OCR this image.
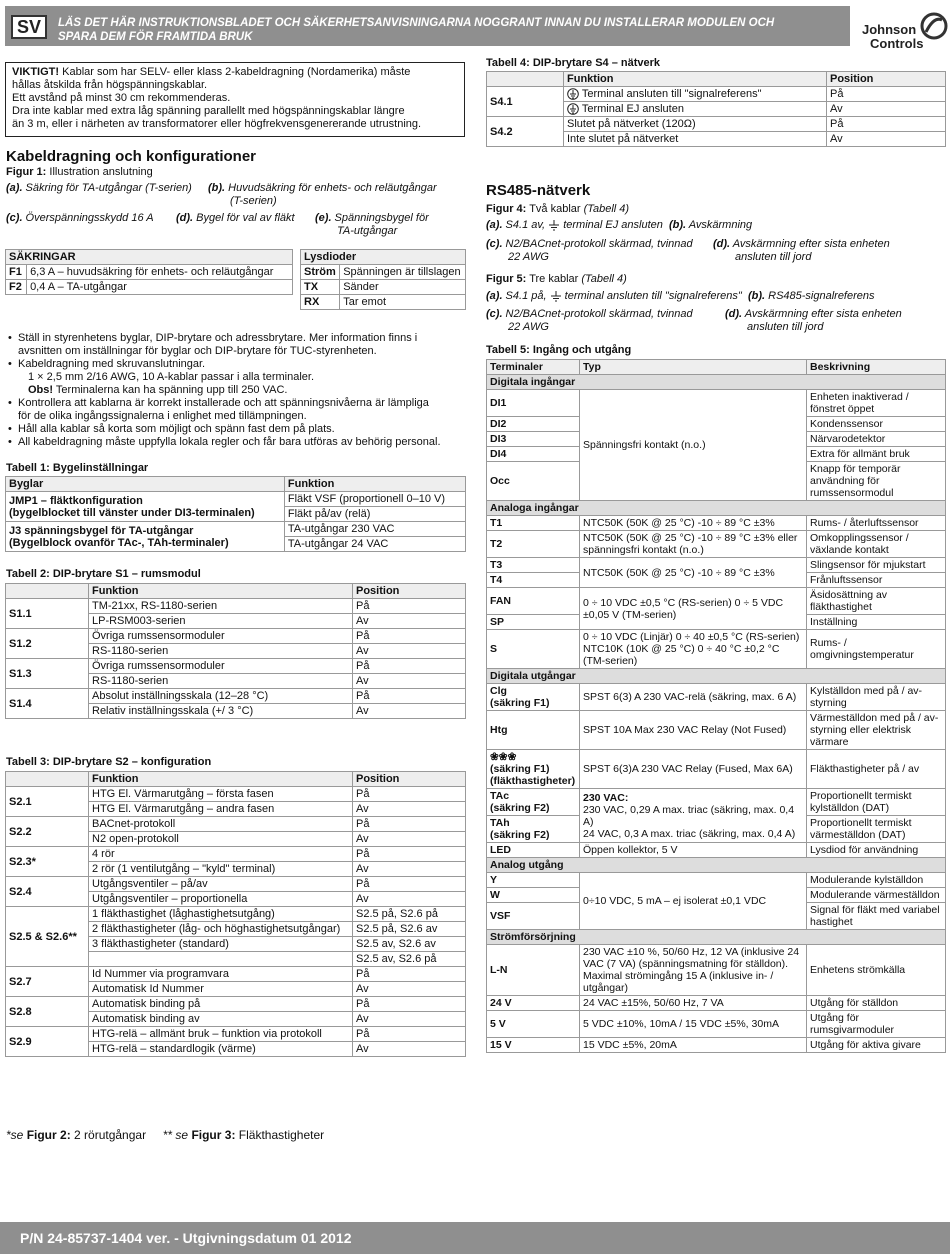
SV	LÄS DET HÄR INSTRUKTIONSBLADET OCH SÄKERHETSANVISNINGARNA NOGGRANT INNAN DU INSTALLERAR MODULEN OCH
SPARA DEM FÖR FRAMTIDA BRUK	Johnson
Controls
VIKTIGT! Kablar som har SELV- eller klass 2-kabeldragning (Nordamerika) måste
hållas åtskilda från högspänningskablar.
Ett avstånd på minst 30 cm rekommenderas.
Dra inte kablar med extra låg spänning parallellt med högspänningskablar längre
än 3 m, eller i närheten av transformatorer eller högfrekvensgenererande utrustning.
Kabeldragning och konfigurationer
Figur 1: Illustration anslutning
(a). Säkring för TA-utgångar (T-serien) (b). Huvudsäkring för enhets- och reläutgångar
(T-serien)
(c). Överspänningsskydd 16 A (d). Bygel för val av fläkt (e). Spänningsbygel för
TA-utgångar
SÄKRINGAR	
F1	6,3 A – huvudsäkring för enhets- och reläutgångar
F2	0,4 A – TA-utgångar
Lysdioder	
Ström	Spänningen är tillslagen
TX	Sänder
RX	Tar emot
• Ställ in styrenhetens byglar, DIP-brytare och adressbrytare. Mer information finns i
avsnitten om inställningar för byglar och DIP-brytare för TUC-styrenheten.
• Kabeldragning med skruvanslutningar.
1 × 2,5 mm 2/16 AWG, 10 A-kablar passar i alla terminaler.
Obs! Terminalerna kan ha spänning upp till 250 VAC.
• Kontrollera att kablarna är korrekt installerade och att spänningsnivåerna är lämpliga
för de olika ingångssignalerna i enlighet med tillämpningen.
• Håll alla kablar så korta som möjligt och spänn fast dem på plats.
• All kabeldragning måste uppfylla lokala regler och får bara utföras av behörig personal.
Tabell 1: Bygelinställningar
Byglar	Funktion
JMP1 – fläktkonfiguration
(bygelblocket till vänster under DI3-terminalen)	Fläkt VSF (proportionell 0–10 V)
	Fläkt på/av (relä)
J3 spänningsbygel för TA-utgångar
(Bygelblock ovanför TAc-, TAh-terminaler)	TA-utgångar 230 VAC
	TA-utgångar 24 VAC
Tabell 2: DIP-brytare S1 – rumsmodul
	Funktion	Position
S1.1	TM-21xx, RS-1180-serien	På
	LP-RSM003-serien	Av
S1.2	Övriga rumssensormoduler	På
	RS-1180-serien	Av
S1.3	Övriga rumssensormoduler	På
	RS-1180-serien	Av
S1.4	Absolut inställningsskala (12–28 °C)	På
	Relativ inställningsskala (+/ 3 °C)	Av
Tabell 3: DIP-brytare S2 – konfiguration
	Funktion	Position
S2.1	HTG El. Värmarutgång – första fasen	På
	HTG El. Värmarutgång – andra fasen	Av
S2.2	BACnet-protokoll	På
	N2 open-protokoll	Av
S2.3*	4 rör	På
	2 rör (1 ventilutgång – "kyld" terminal)	Av
S2.4	Utgångsventiler – på/av	På
	Utgångsventiler – proportionella	Av
S2.5 & S2.6**	1 fläkthastighet (låghastighetsutgång)	S2.5 på, S2.6 på
	2 fläkthastigheter (låg- och höghastighetsutgångar)	S2.5 på, S2.6 av
	3 fläkthastigheter (standard)	S2.5 av, S2.6 av
		S2.5 av, S2.6 på
S2.7	Id Nummer via programvara	På
	Automatisk Id Nummer	Av
S2.8	Automatisk binding på	På
	Automatisk binding av	Av
S2.9	HTG-relä – allmänt bruk – funktion via protokoll	På
	HTG-relä – standardlogik (värme)	Av
*se Figur 2: 2 rörutgångar ** se Figur 3: Fläkthastigheter
Tabell 4: DIP-brytare S4 – nätverk
	Funktion	Position
S4.1	Terminal ansluten till "signalreferens"	På
	Terminal EJ ansluten	Av
S4.2	Slutet på nätverket (120Ω)	På
	Inte slutet på nätverket	Av
RS485-nätverk
Figur 4: Två kablar (Tabell 4)
(a). S4.1 av,  terminal EJ ansluten  (b). Avskärmning
(c). N2/BACnet-protokoll skärmad, tvinnad
22 AWG
(d). Avskärmning efter sista enheten
ansluten till jord
Figur 5: Tre kablar (Tabell 4)
(a). S4.1 på,  terminal ansluten till "signalreferens" (b). RS485-signalreferens
(c). N2/BACnet-protokoll skärmad, tvinnad
22 AWG
(d). Avskärmning efter sista enheten
ansluten till jord
Tabell 5: Ingång och utgång
Terminaler	Typ	Beskrivning
Digitala ingångar		
DI1	Spänningsfri kontakt (n.o.)	Enheten inaktiverad / fönstret öppet
DI2		Kondenssensor
DI3		Närvarodetektor
DI4		Extra för allmänt bruk
Occ		Knapp för temporär användning för rumssensormodul
Analoga ingångar		
T1	NTC50K (50K @ 25 °C) -10 ÷ 89 °C ±3%	Rums- / återluftssensor
T2	NTC50K (50K @ 25 °C) -10 ÷ 89 °C ±3% eller spänningsfri kontakt (n.o.)	Omkopplingssensor / växlande kontakt
T3	NTC50K (50K @ 25 °C) -10 ÷ 89 °C ±3%	Slingsensor för mjukstart
T4		Frånluftssensor
FAN	0 ÷ 10 VDC ±0,5 °C (RS-serien) 0 ÷ 5 VDC ±0,05 V (TM-serien)	Äsidosättning av fläkthastighet
SP		Inställning
S	0 ÷ 10 VDC (Linjär) 0 ÷ 40 ±0,5 °C (RS-serien)
NTC10K (10K @ 25 °C) 0 ÷ 40 °C ±0,2 °C (TM-serien)	Rums- / omgivningstemperatur
Digitala utgångar		
Clg
(säkring F1)	SPST 6(3) A 230 VAC-relä (säkring, max. 6 A)	Kylställdon med på / av-styrning
Htg	SPST 10A Max 230 VAC Relay (Not Fused)	Värmeställdon med på / av-styrning eller elektrisk värmare
❀❀❀
(säkring F1)
(fläkthastigheter)	SPST 6(3)A 230 VAC Relay (Fused, Max 6A)	Fläkthastigheter på / av
TAc
(säkring F2)	230 VAC:
230 VAC, 0,29 A max. triac (säkring, max. 0,4 A)
24 VAC, 0,3 A max. triac (säkring, max. 0,4 A)	Proportionellt termiskt kylställdon (DAT)
TAh
(säkring F2)		Proportionellt termiskt värmeställdon (DAT)
LED	Öppen kollektor, 5 V	Lysdiod för användning
Analog utgång		
Y	0÷10 VDC, 5 mA – ej isolerat ±0,1 VDC	Modulerande kylställdon
W		Modulerande värmeställdon
VSF		Signal för fläkt med variabel hastighet
Strömförsörjning		
L-N	230 VAC ±10 %, 50/60 Hz, 12 VA (inklusive 24 VAC (7 VA) (spänningsmatning för ställdon). Maximal strömingång 15 A (inklusive in- / utgångar)	Enhetens strömkälla
24 V	24 VAC ±15%, 50/60 Hz, 7 VA	Utgång för ställdon
5 V	5 VDC ±10%, 10mA / 15 VDC ±5%, 30mA	Utgång för rumsgivarmoduler
15 V	15 VDC ±5%, 20mA	Utgång för aktiva givare
P/N 24-85737-1404 ver. - Utgivningsdatum 01 2012
